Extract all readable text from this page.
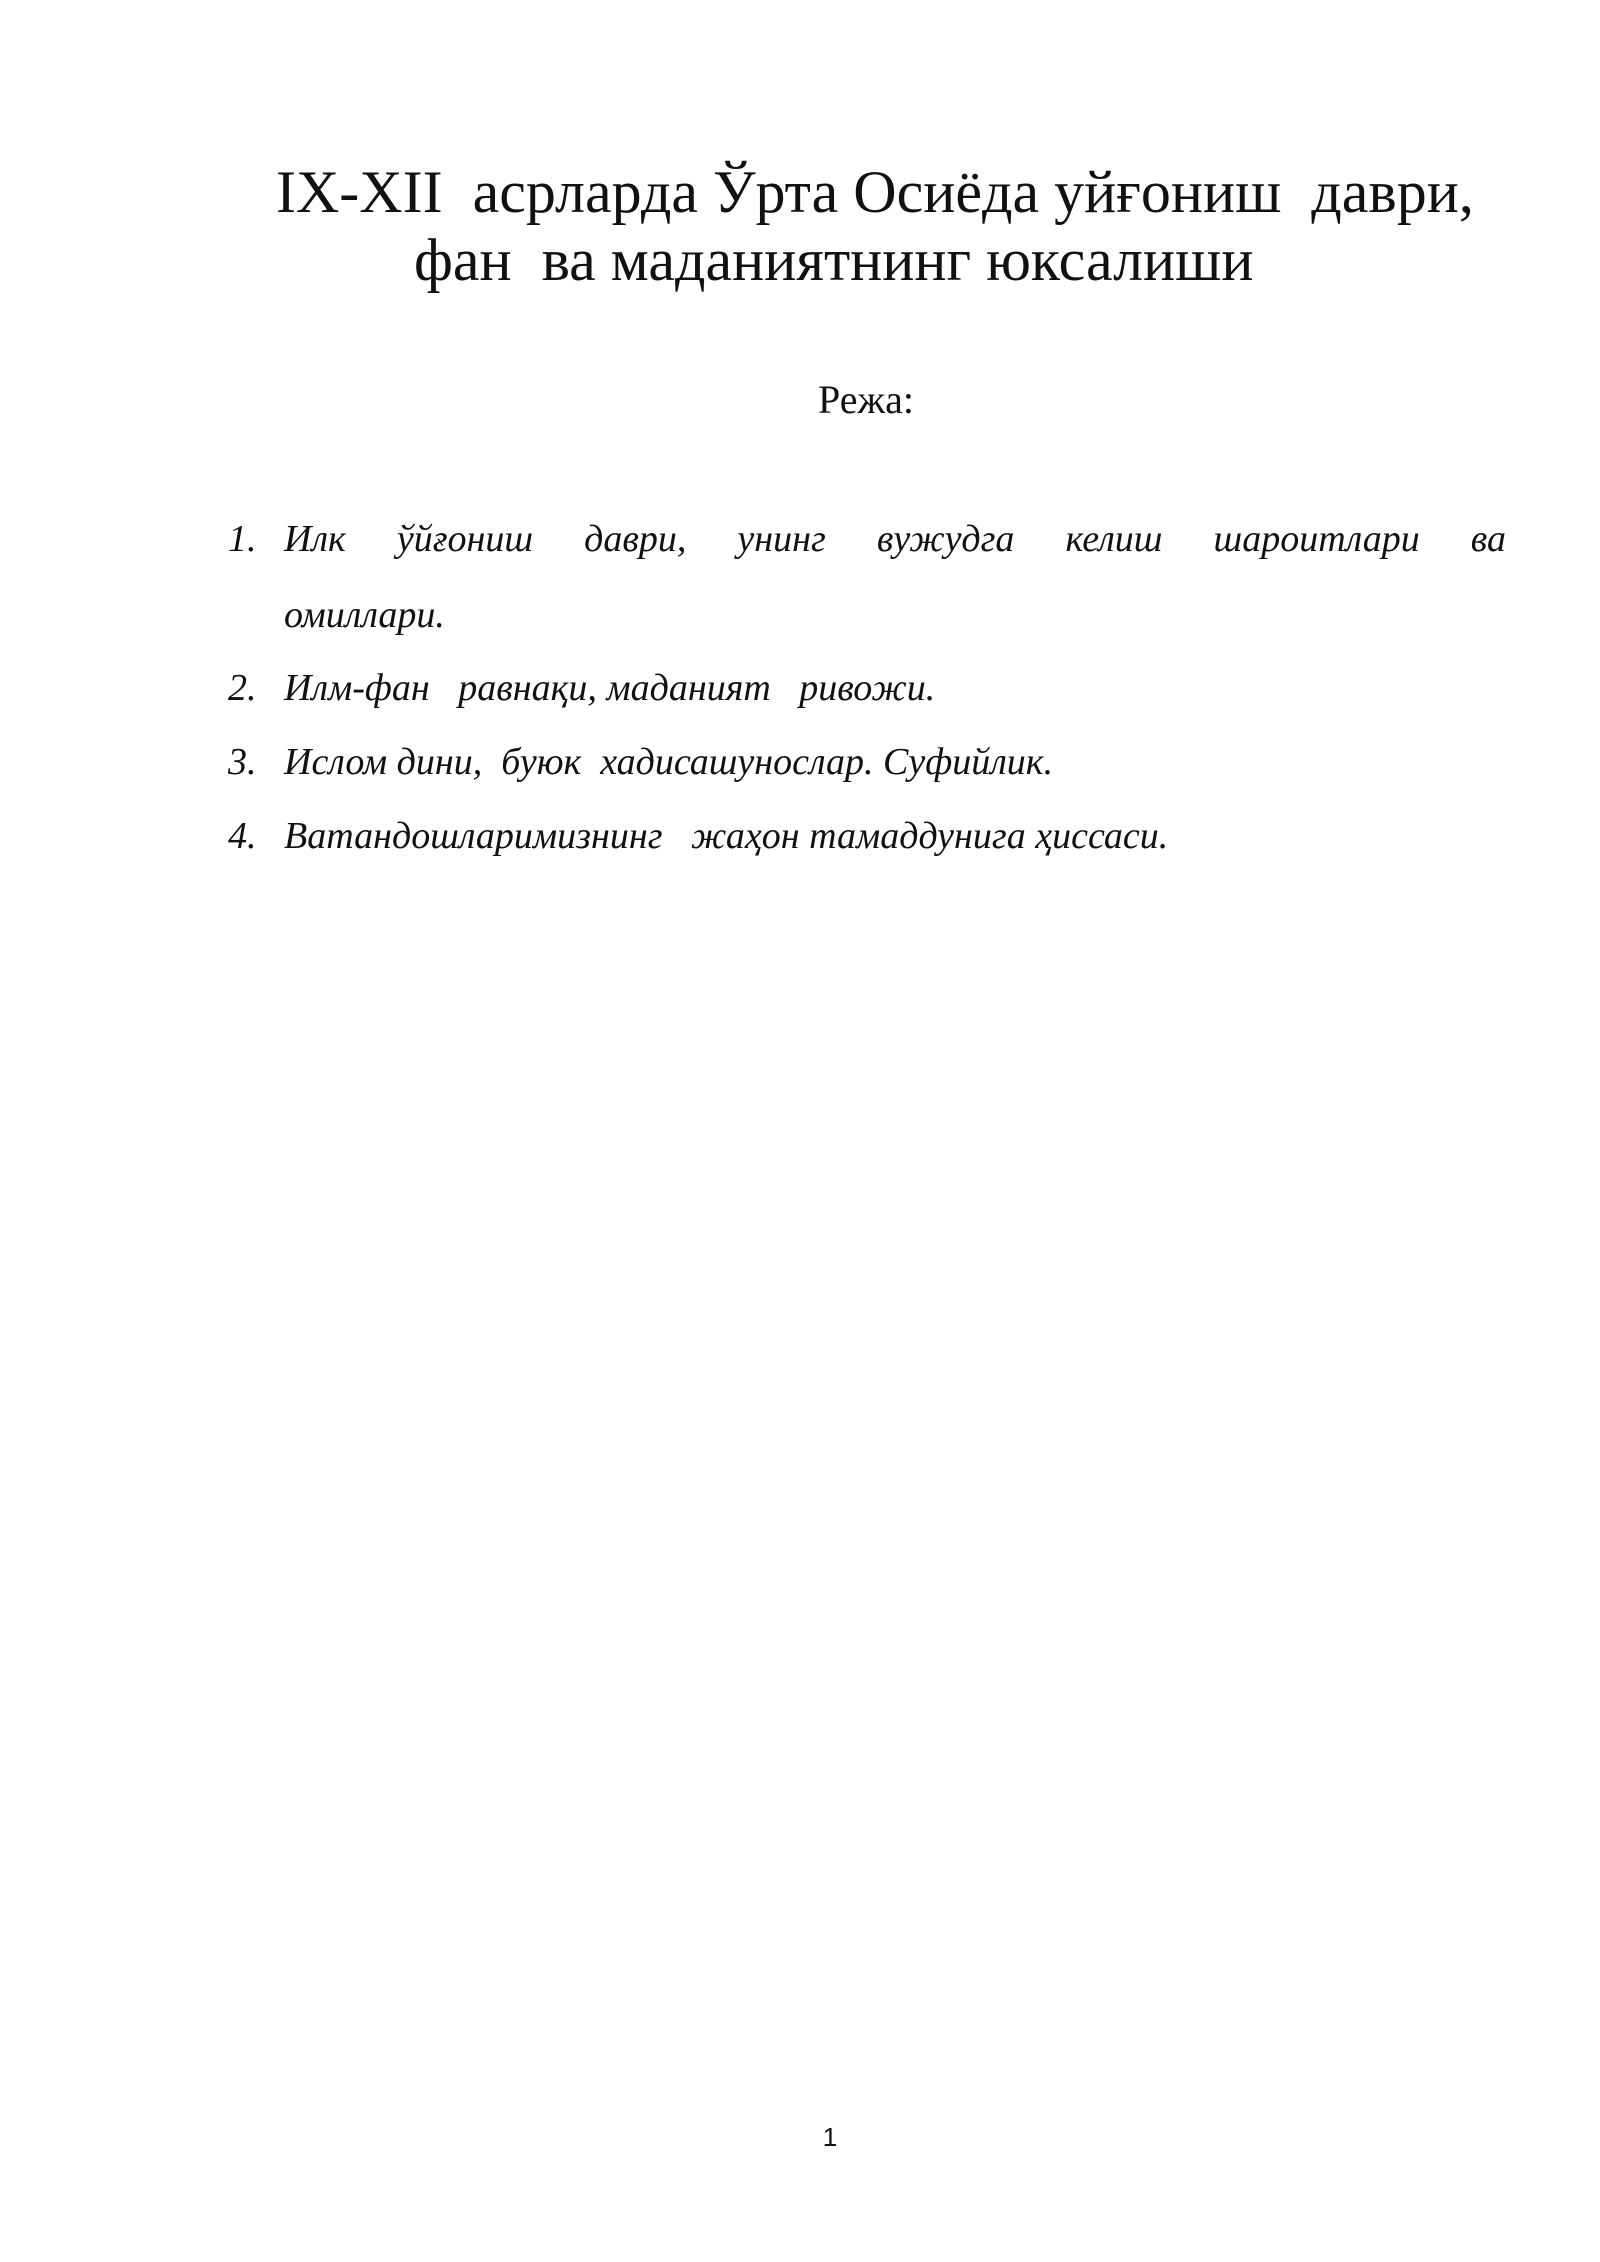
IX-XII  асрларда Ўрта Осиёда уйғониш  даври,
фан  ва маданиятнинг юксалиши
Режа:
1. Илк ўйғониш даври, унинг вужудга келиш шароитлари ва
омиллари.
2. Илм-фан   равнақи, маданият   ривожи.
3. Ислом дини,  буюк  хадисашунослар. Суфийлик.
4. Ватандошларимизнинг   жаҳон тамаддунига ҳиссаси.
1
